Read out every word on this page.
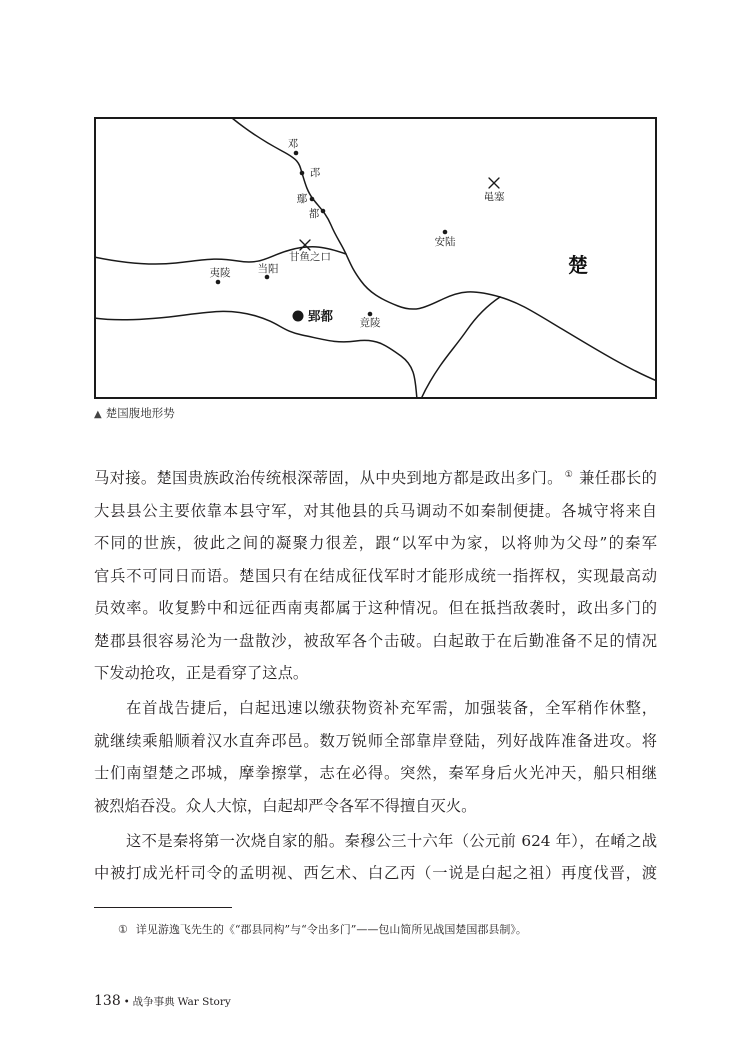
邓
邔
鄢
都
甘鱼之口
当阳
夷陵
郢都	竟陵
安陆
黾塞
楚
▲ 楚国腹地形势
马对接。楚国贵族政治传统根深蒂固，从中央到地方都是政出多门。 ① 兼任郡长的
大县县公主要依靠本县守军，对其他县的兵马调动不如秦制便捷。各城守将来自
不同的世族，彼此之间的凝聚力很差，跟“以军中为家，以将帅为父母”的秦军
官兵不可同日而语。楚国只有在结成征伐军时才能形成统一指挥权，实现最高动
员效率。收复黔中和远征西南夷都属于这种情况。但在抵挡敌袭时，政出多门的
楚郡县很容易沦为一盘散沙，被敌军各个击破。白起敢于在后勤准备不足的情况
下发动抢攻，正是看穿了这点。
在首战告捷后，白起迅速以缴获物资补充军需，加强装备，全军稍作休整，
就继续乘船顺着汉水直奔邔邑。数万锐师全部靠岸登陆，列好战阵准备进攻。将
士们南望楚之邔城，摩拳擦掌，志在必得。突然，秦军身后火光冲天，船只相继
被烈焰吞没。众人大惊，白起却严令各军不得擅自灭火。
这不是秦将第一次烧自家的船。秦穆公三十六年（公元前 624 年），在崤之战
中被打成光杆司令的孟明视、西乞术、白乙丙（一说是白起之祖）再度伐晋，渡
① 详见游逸飞先生的《“郡县同构”与“令出多门”——包山简所见战国楚国郡县制》。
138 • 战争事典 War Story
